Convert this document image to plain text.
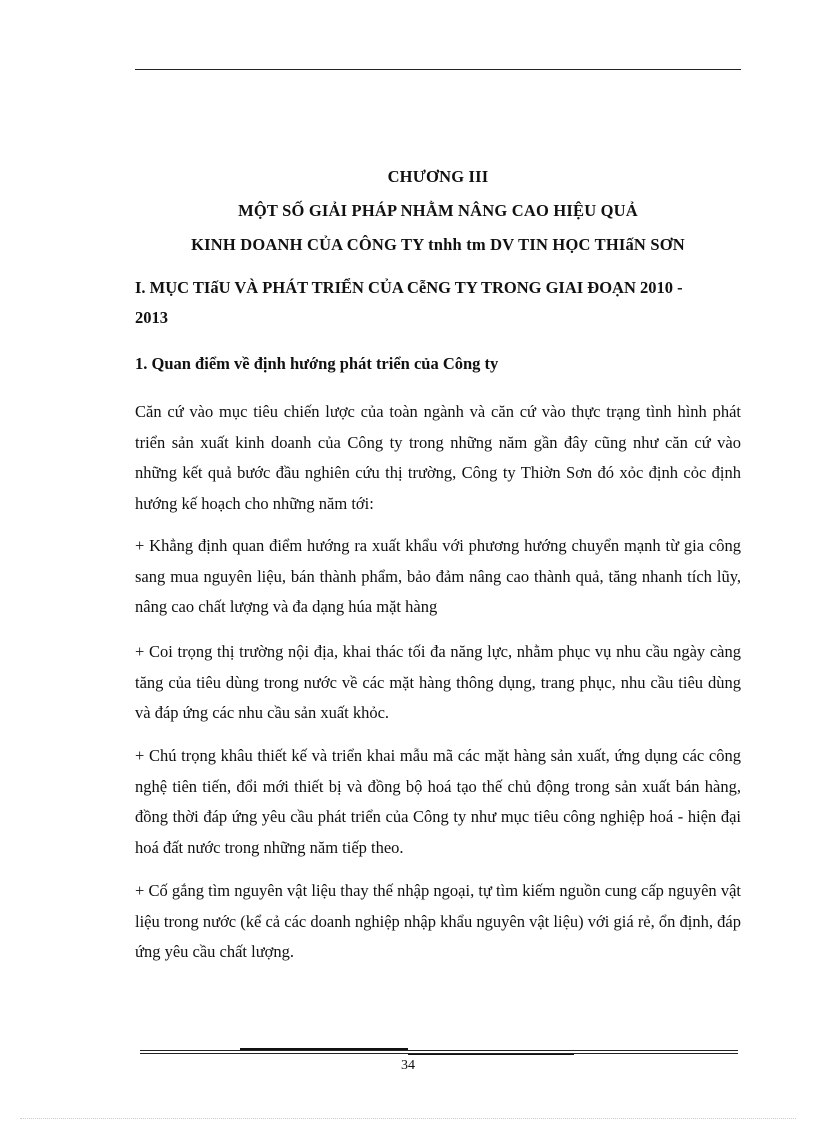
CHƯƠNG III
MỘT SỐ GIẢI PHÁP NHẰM NÂNG CAO HIỆU QUẢ
KINH DOANH CỦA CÔNG TY tnhh tm DV TIN HỌC THIấN SƠN
I. MỤC TIấU VÀ PHÁT TRIỂN CỦA CễNG TY TRONG GIAI ĐOẠN 2010 -
2013
1. Quan điểm về định hướng phát triển của Công ty
Căn cứ vào mục tiêu chiến lược của toàn ngành và căn cứ vào thực trạng tình hình phát triển sản xuất kinh doanh của Công ty trong những năm gần đây cũng như căn cứ vào những kết quả bước đầu nghiên cứu thị trường, Công ty Thiờn Sơn đó xỏc định cỏc định hướng kế hoạch cho những năm tới:
+ Khẳng định quan điểm hướng ra xuất khẩu với phương hướng chuyển mạnh từ gia công sang mua nguyên liệu, bán thành phẩm, bảo đảm nâng cao thành quả, tăng nhanh tích lũy, nâng cao chất lượng và đa dạng húa mặt hàng
+ Coi trọng thị trường nội địa, khai thác tối đa năng lực, nhằm phục vụ nhu cầu ngày càng tăng của tiêu dùng trong nước về các mặt hàng thông dụng, trang phục, nhu cầu tiêu dùng và đáp ứng các nhu cầu sản xuất khỏc.
+ Chú trọng khâu thiết kế và triển khai mẫu mã các mặt hàng sản xuất, ứng dụng các công nghệ tiên tiến, đổi mới thiết bị và đồng bộ hoá tạo thế chủ động trong sản xuất bán hàng, đồng thời đáp ứng yêu cầu phát triển của Công ty như mục tiêu công nghiệp hoá - hiện đại hoá đất nước trong những năm tiếp theo.
+ Cố gắng tìm nguyên vật liệu thay thế nhập ngoại, tự tìm kiếm nguồn cung cấp nguyên vật liệu trong nước (kể cả các doanh nghiệp nhập khẩu nguyên vật liệu) với giá rẻ, ổn định, đáp ứng yêu cầu chất lượng.
34
